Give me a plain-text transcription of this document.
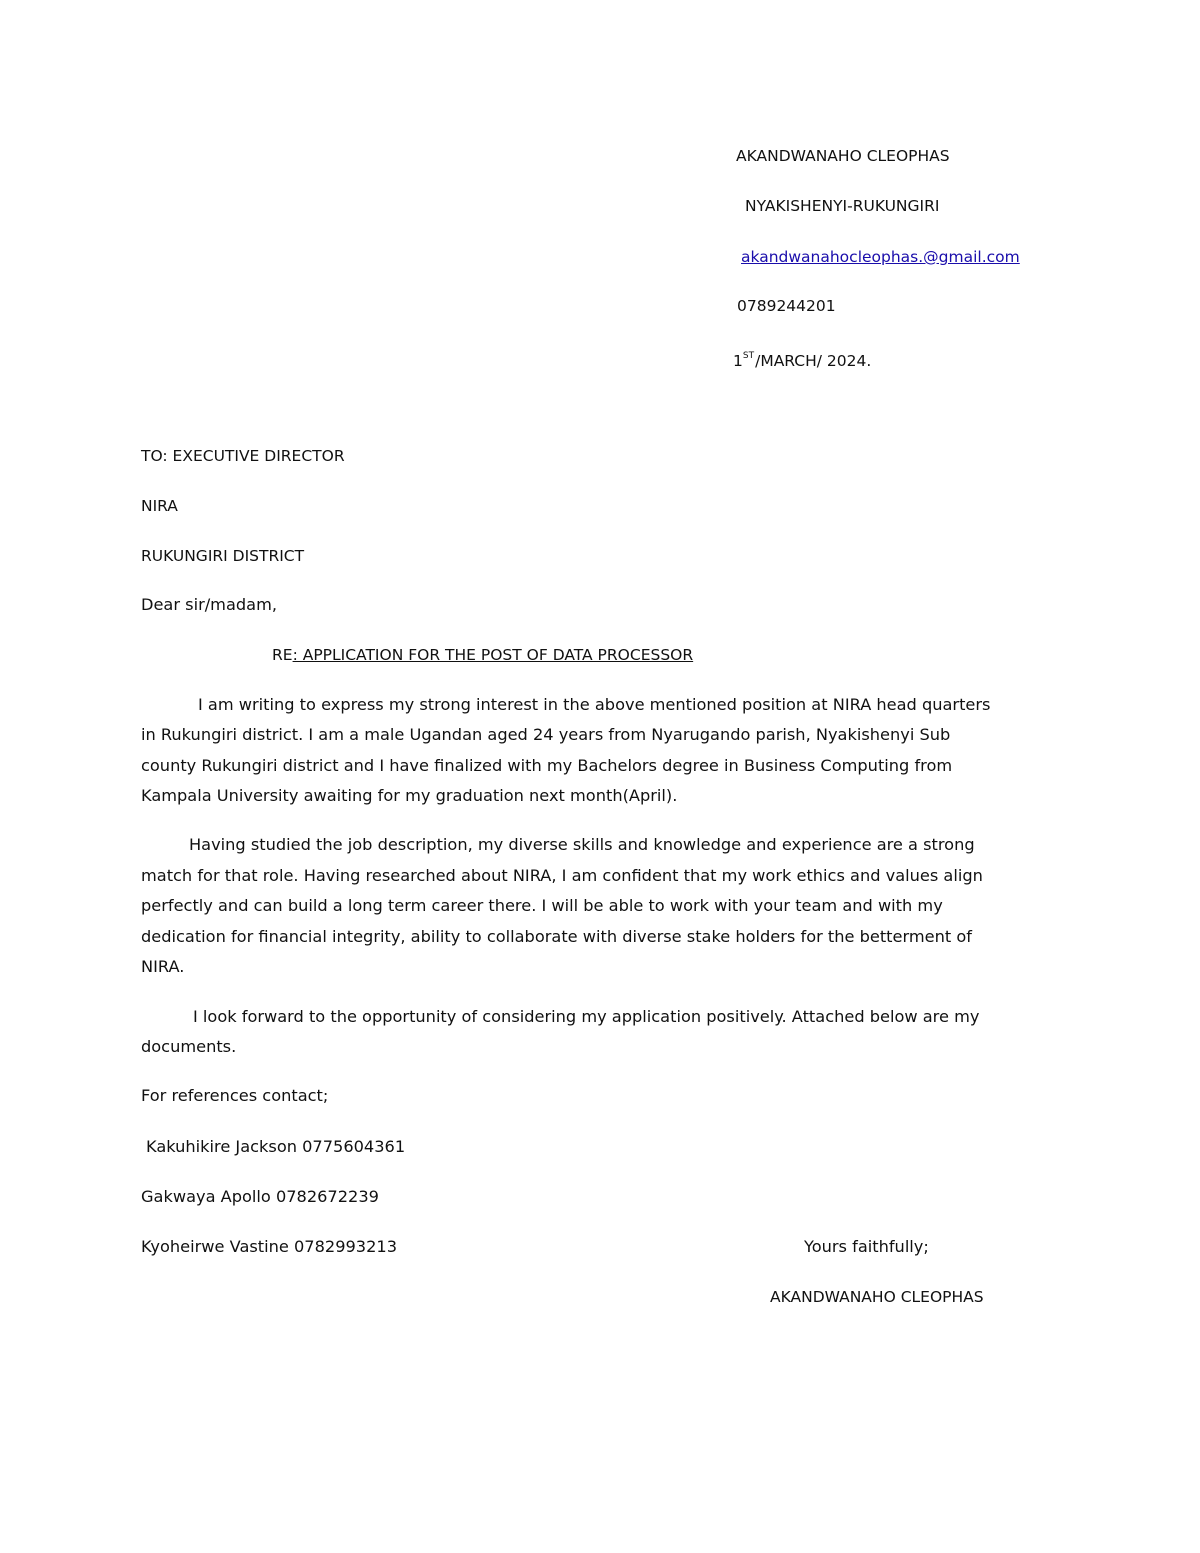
AKANDWANAHO CLEOPHAS
NYAKISHENYI-RUKUNGIRI
akandwanahocleophas.@gmail.com
0789244201
1ST/MARCH/ 2024.
TO: EXECUTIVE DIRECTOR
NIRA
RUKUNGIRI DISTRICT
Dear sir/madam,
RE: APPLICATION FOR THE POST OF DATA PROCESSOR
I am writing to express my strong interest in the above mentioned position at NIRA head quarters
in Rukungiri district. I am a male Ugandan aged 24 years from Nyarugando parish, Nyakishenyi Sub
county Rukungiri district and I have finalized with my Bachelors degree in Business Computing from
Kampala University awaiting for my graduation next month(April).
Having studied the job description, my diverse skills and knowledge and experience are a strong
match for that role. Having researched about NIRA, I am confident that my work ethics and values align
perfectly and can build a long term career there. I will be able to work with your team and with my
dedication for financial integrity, ability to collaborate with diverse stake holders for the betterment of
NIRA.
I look forward to the opportunity of considering my application positively. Attached below are my
documents.
For references contact;
Kakuhikire Jackson 0775604361
Gakwaya Apollo 0782672239
Kyoheirwe Vastine 0782993213	Yours faithfully;
AKANDWANAHO CLEOPHAS
